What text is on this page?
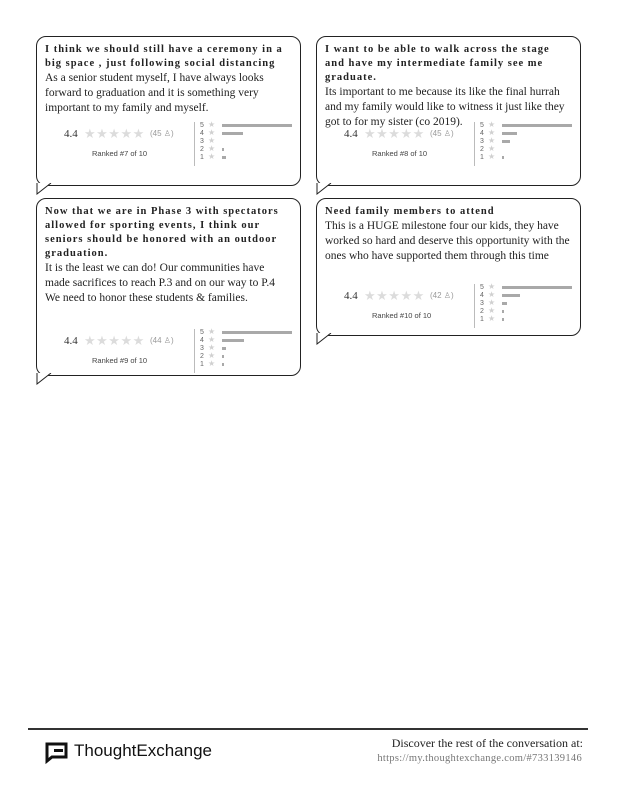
I think we should still have a ceremony in a big space , just following social distancing
As a senior student myself, I have always looks forward to graduation and it is something very important to my family and myself.
4.4 ★★★★★ (45 ♙)
Ranked #7 of 10
5 ★
4 ★
3 ★
2 ★
1 ★
I want to be able to walk across the stage and have my intermediate family see me graduate.
Its important to me because its like the final hurrah and my family would like to witness it just like they got to for my sister (co 2019).
4.4 ★★★★★ (45 ♙)
Ranked #8 of 10
5 ★
4 ★
3 ★
2 ★
1 ★
Now that we are in Phase 3 with spectators allowed for sporting events, I think our seniors should be honored with an outdoor graduation.
It is the least we can do! Our communities have made sacrifices to reach P.3 and on our way to P.4 We need to honor these students & families.
4.4 ★★★★★ (44 ♙)
Ranked #9 of 10
5 ★
4 ★
3 ★
2 ★
1 ★
Need family members to attend
This is a HUGE milestone four our kids, they have worked so hard and deserve this opportunity with the ones who have supported them through this time
4.4 ★★★★★ (42 ♙)
Ranked #10 of 10
5 ★
4 ★
3 ★
2 ★
1 ★
ThoughtExchange	Discover the rest of the conversation at:
https://my.thoughtexchange.com/#733139146
